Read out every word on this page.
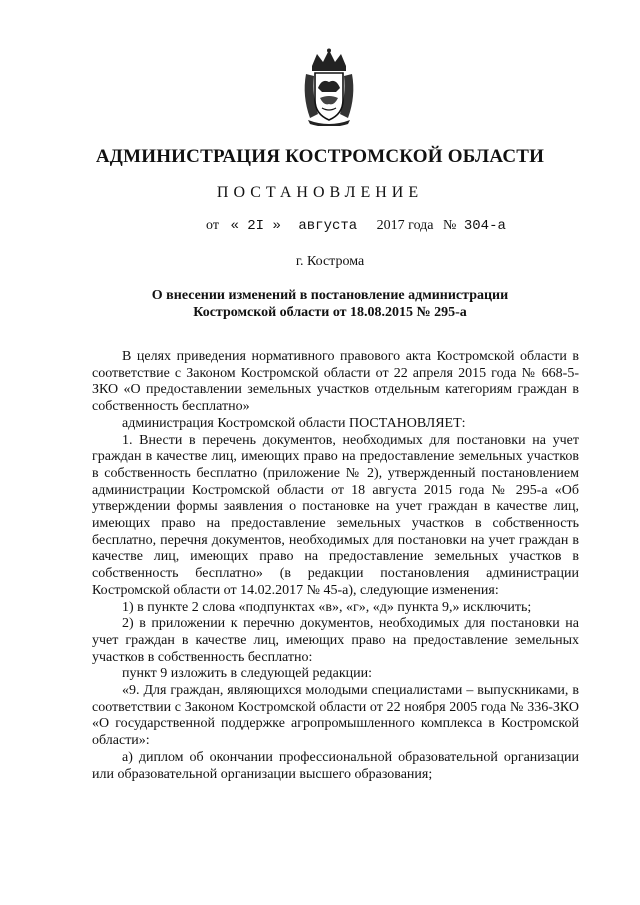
АДМИНИСТРАЦИЯ КОСТРОМСКОЙ ОБЛАСТИ
ПОСТАНОВЛЕНИЕ
от « 2I » августа 2017 года № 304-а
г. Кострома
О внесении изменений в постановление администрации
Костромской области от 18.08.2015 № 295-а

В целях приведения нормативного правового акта Костромской области в соответствие с Законом Костромской области от 22 апреля 2015 года № 668-5-ЗКО «О предоставлении земельных участков отдельным категориям граждан в собственность бесплатно»

администрация Костромской области ПОСТАНОВЛЯЕТ:

1. Внести в перечень документов, необходимых для постановки на учет граждан в качестве лиц, имеющих право на предоставление земельных участков в собственность бесплатно (приложение № 2), утвержденный постановлением администрации Костромской области от 18 августа 2015 года № 295-а «Об утверждении формы заявления о постановке на учет граждан в качестве лиц, имеющих право на предоставление земельных участков в собственность бесплатно, перечня документов, необходимых для постановки на учет граждан в качестве лиц, имеющих право на предоставление земельных участков в собственность бесплатно» (в редакции постановления администрации Костромской области от 14.02.2017 № 45-а), следующие изменения:

1) в пункте 2 слова «подпунктах «в», «г», «д» пункта 9,» исключить;

2) в приложении к перечню документов, необходимых для постановки на учет граждан в качестве лиц, имеющих право на предоставление земельных участков в собственность бесплатно:

пункт 9 изложить в следующей редакции:

«9. Для граждан, являющихся молодыми специалистами – выпускниками, в соответствии с Законом Костромской области от 22 ноября 2005 года № 336-ЗКО «О государственной поддержке агропромышленного комплекса в Костромской области»:

а) диплом об окончании профессиональной образовательной организации или образовательной организации высшего образования;
